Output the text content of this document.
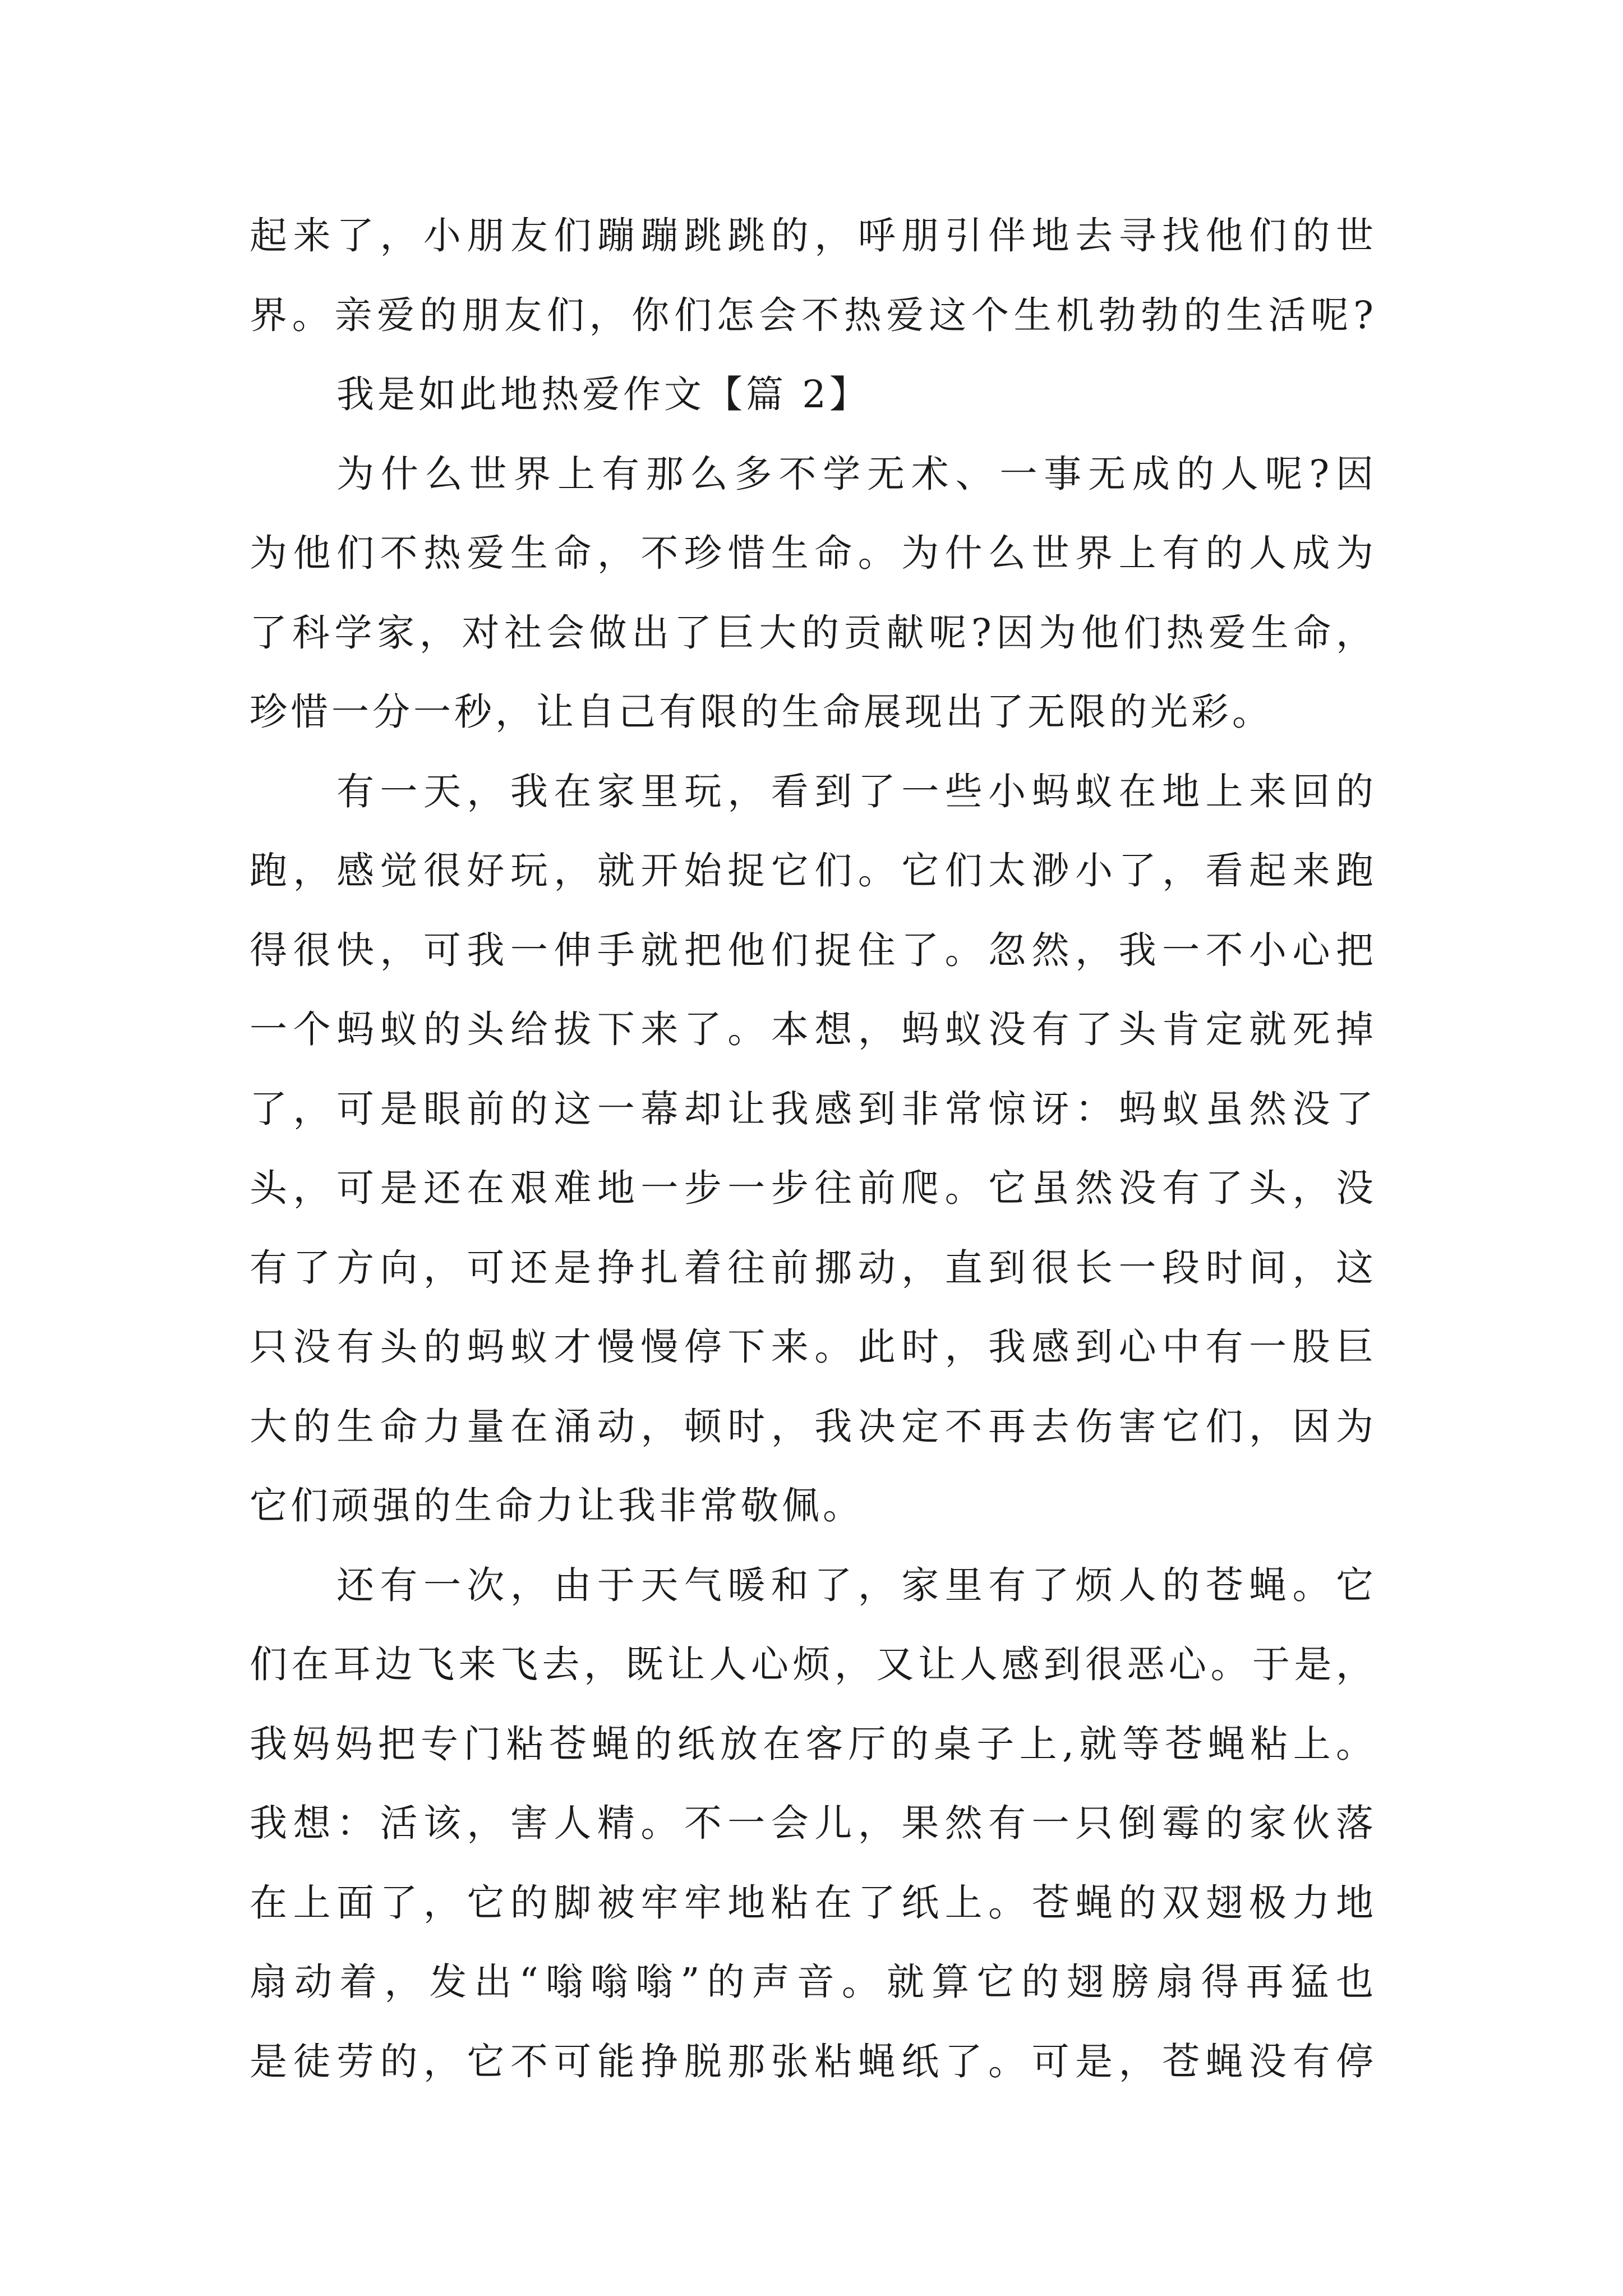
起来了，小朋友们蹦蹦跳跳的，呼朋引伴地去寻找他们的世
界。亲爱的朋友们，你们怎会不热爱这个生机勃勃的生活呢?
我是如此地热爱作文【篇 2】
为什么世界上有那么多不学无术、一事无成的人呢?因
为他们不热爱生命，不珍惜生命。为什么世界上有的人成为
了科学家，对社会做出了巨大的贡献呢?因为他们热爱生命，
珍惜一分一秒，让自己有限的生命展现出了无限的光彩。
有一天，我在家里玩，看到了一些小蚂蚁在地上来回的
跑，感觉很好玩，就开始捉它们。它们太渺小了，看起来跑
得很快，可我一伸手就把他们捉住了。忽然，我一不小心把
一个蚂蚁的头给拔下来了。本想，蚂蚁没有了头肯定就死掉
了，可是眼前的这一幕却让我感到非常惊讶：蚂蚁虽然没了
头，可是还在艰难地一步一步往前爬。它虽然没有了头，没
有了方向，可还是挣扎着往前挪动，直到很长一段时间，这
只没有头的蚂蚁才慢慢停下来。此时，我感到心中有一股巨
大的生命力量在涌动，顿时，我决定不再去伤害它们，因为
它们顽强的生命力让我非常敬佩。
还有一次，由于天气暖和了，家里有了烦人的苍蝇。它
们在耳边飞来飞去，既让人心烦，又让人感到很恶心。于是，
我妈妈把专门粘苍蝇的纸放在客厅的桌子上,就等苍蝇粘上。
我想：活该，害人精。不一会儿，果然有一只倒霉的家伙落
在上面了，它的脚被牢牢地粘在了纸上。苍蝇的双翅极力地
扇动着，发出“嗡嗡嗡”的声音。就算它的翅膀扇得再猛也
是徒劳的，它不可能挣脱那张粘蝇纸了。可是，苍蝇没有停
